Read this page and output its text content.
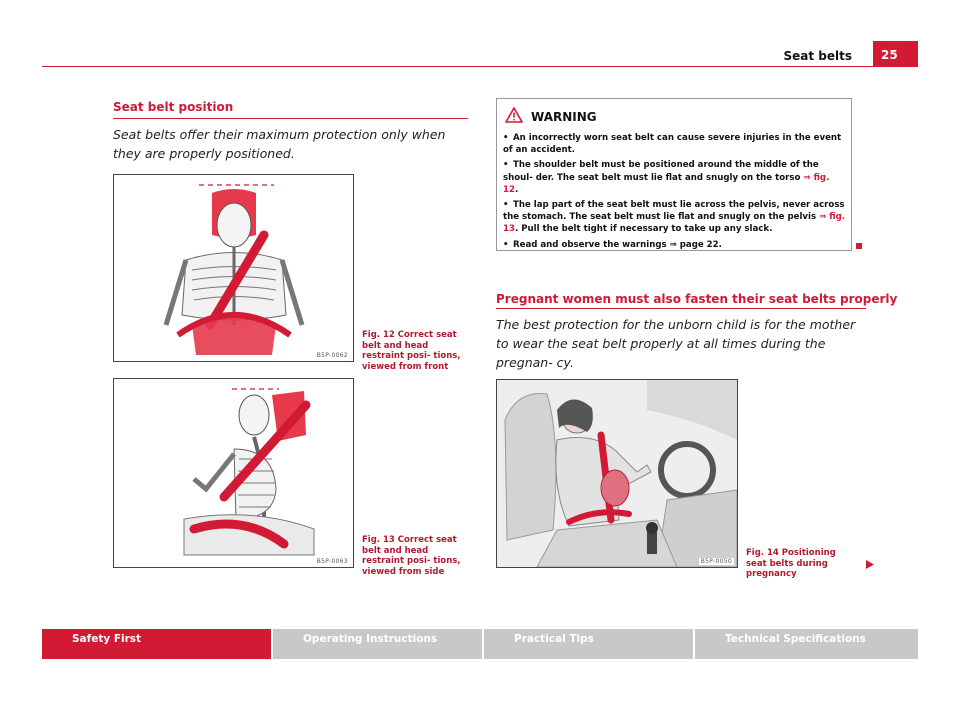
Seat belts	25
Seat belt position
Seat belts offer their maximum protection only when they are properly positioned.
B5P-0062
Fig. 12 Correct seat belt and head restraint posi- tions, viewed from front
B5P-0063
Fig. 13 Correct seat belt and head restraint posi- tions, viewed from side
WARNING
• An incorrectly worn seat belt can cause severe injuries in the event of an accident.
• The shoulder belt must be positioned around the middle of the shoul- der. The seat belt must lie flat and snugly on the torso ⇒ fig. 12.
• The lap part of the seat belt must lie across the pelvis, never across the stomach. The seat belt must lie flat and snugly on the pelvis ⇒ fig. 13. Pull the belt tight if necessary to take up any slack.
• Read and observe the warnings ⇒ page 22.
Pregnant women must also fasten their seat belts properly
The best protection for the unborn child is for the mother to wear the seat belt properly at all times during the pregnan- cy.
B5P-0050
Fig. 14 Positioning seat belts during pregnancy
Safety First	Operating Instructions	Practical Tips	Technical Specifications
